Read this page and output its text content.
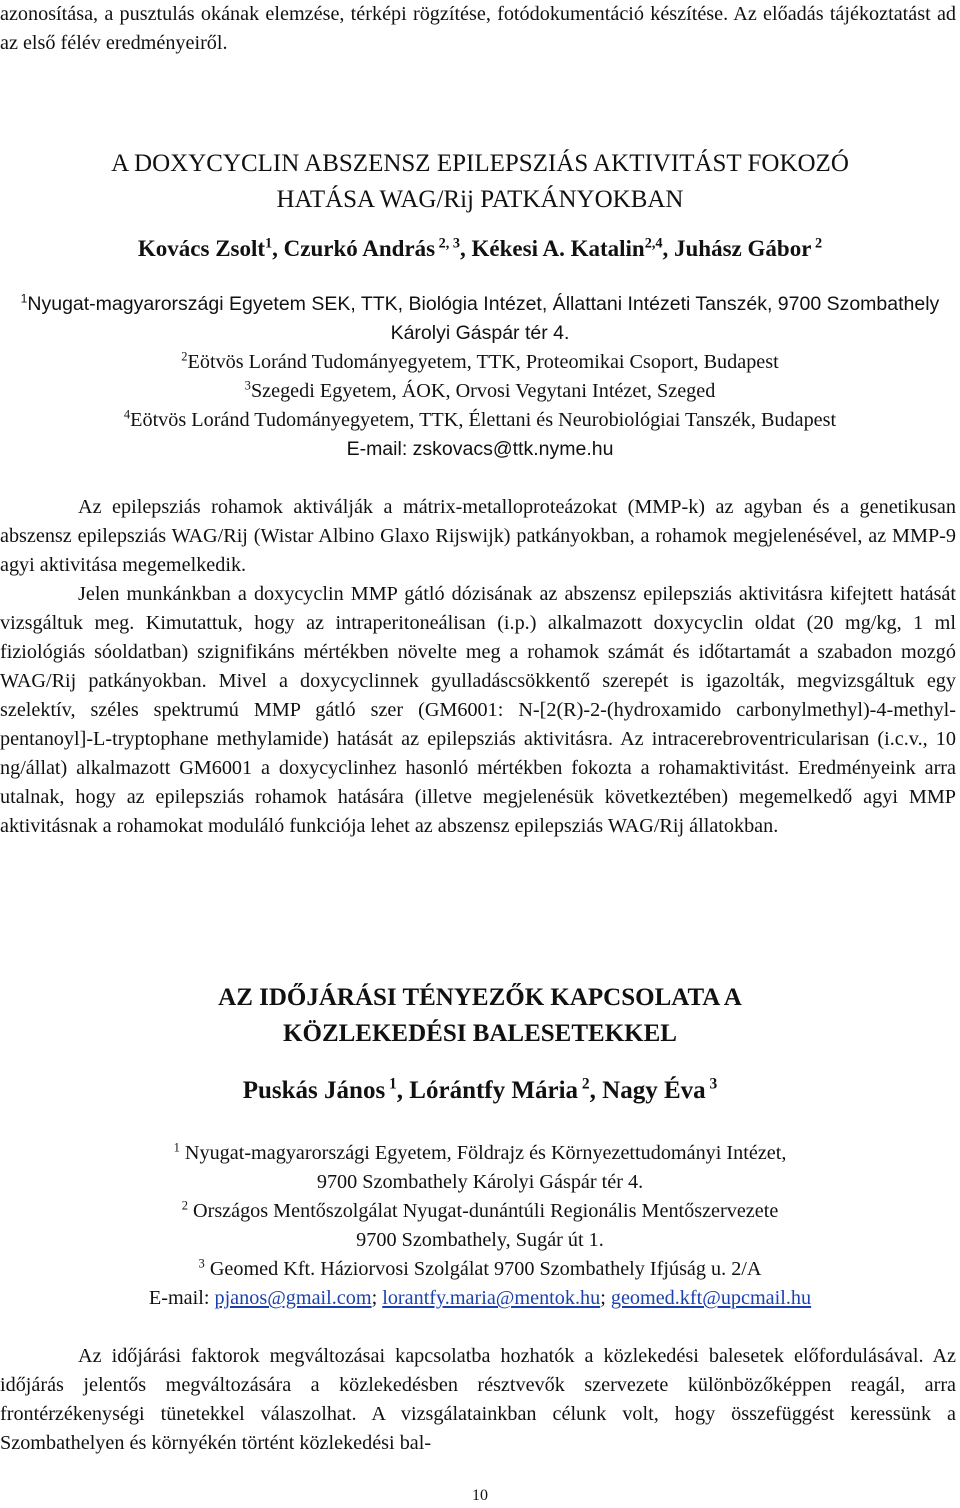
azonosítása, a pusztulás okának elemzése, térképi rögzítése, fotódokumentáció készítése. Az előadás tájékoztatást ad az első félév eredményeiről.
A DOXYCYCLIN ABSZENSZ EPILEPSZIÁS AKTIVITÁST FOKOZÓ
HATÁSA WAG/Rij PATKÁNYOKBAN
Kovács Zsolt$^1$, Czurkó András $^{2, 3}$, Kékesi A. Katalin$^{2,4}$, Juhász Gábor $^2$

$^1$Nyugat-magyarországi Egyetem SEK, TTK, Biológia Intézet, Állattani Intézeti Tanszék, 9700 Szombathely Károlyi Gáspár tér 4.

$^2$Eötvös Loránd Tudományegyetem, TTK, Proteomikai Csoport, Budapest

$^3$Szegedi Egyetem, ÁOK, Orvosi Vegytani Intézet, Szeged

$^4$Eötvös Loránd Tudományegyetem, TTK, Élettani és Neurobiológiai Tanszék, Budapest

E-mail: zskovacs@ttk.nyme.hu

Az epilepsziás rohamok aktiválják a mátrix-metalloproteázokat (MMP-k) az agyban és a genetikusan abszensz epilepsziás WAG/Rij (Wistar Albino Glaxo Rijswijk) patkányokban, a rohamok megjelenésével, az MMP-9 agyi aktivitása megemelkedik.

Jelen munkánkban a doxycyclin MMP gátló dózisának az abszensz epilepsziás aktivitásra kifejtett hatását vizsgáltuk meg. Kimutattuk, hogy az intraperitoneálisan (i.p.) alkalmazott doxycyclin oldat (20 mg/kg, 1 ml fiziológiás sóoldatban) szignifikáns mértékben növelte meg a rohamok számát és időtartamát a szabadon mozgó WAG/Rij patkányokban. Mivel a doxycyclinnek gyulladáscsökkentő szerepét is igazolták, megvizsgáltuk egy szelektív, széles spektrumú MMP gátló szer (GM6001: N-[2(R)-2-(hydroxamido carbonylmethyl)-4-methyl-pentanoyl]-L-tryptophane methylamide) hatását az epilepsziás aktivitásra. Az intracerebroventricularisan (i.c.v., 10 ng/állat) alkalmazott GM6001 a doxycyclinhez hasonló mértékben fokozta a rohamaktivitást. Eredményeink arra utalnak, hogy az epilepsziás rohamok hatására (illetve megjelenésük következtében) megemelkedő agyi MMP aktivitásnak a rohamokat moduláló funkciója lehet az abszensz epilepsziás WAG/Rij állatokban.

AZ IDŐJÁRÁSI TÉNYEZŐK KAPCSOLATA A
KÖZLEKEDÉSI BALESETEKKEL
Puskás János $^1$, Lórántfy Mária $^2$, Nagy Éva $^3$

$^1$ Nyugat-magyarországi Egyetem, Földrajz és Környezettudományi Intézet,

9700 Szombathely Károlyi Gáspár tér 4.

$^2$ Országos Mentőszolgálat Nyugat-dunántúli Regionális Mentőszervezete

9700 Szombathely, Sugár út 1.

$^3$ Geomed Kft. Háziorvosi Szolgálat 9700 Szombathely Ifjúság u. 2/A

E-mail: pjanos@gmail.com; lorantfy.maria@mentok.hu; geomed.kft@upcmail.hu

Az időjárási faktorok megváltozásai kapcsolatba hozhatók a közlekedési balesetek előfordulásával. Az időjárás jelentős megváltozására a közlekedésben résztvevők szervezete különbözőképpen reagál, arra frontérzékenységi tünetekkel válaszolhat. A vizsgálatainkban célunk volt, hogy összefüggést keressünk a Szombathelyen és környékén történt közlekedési bal-

10
